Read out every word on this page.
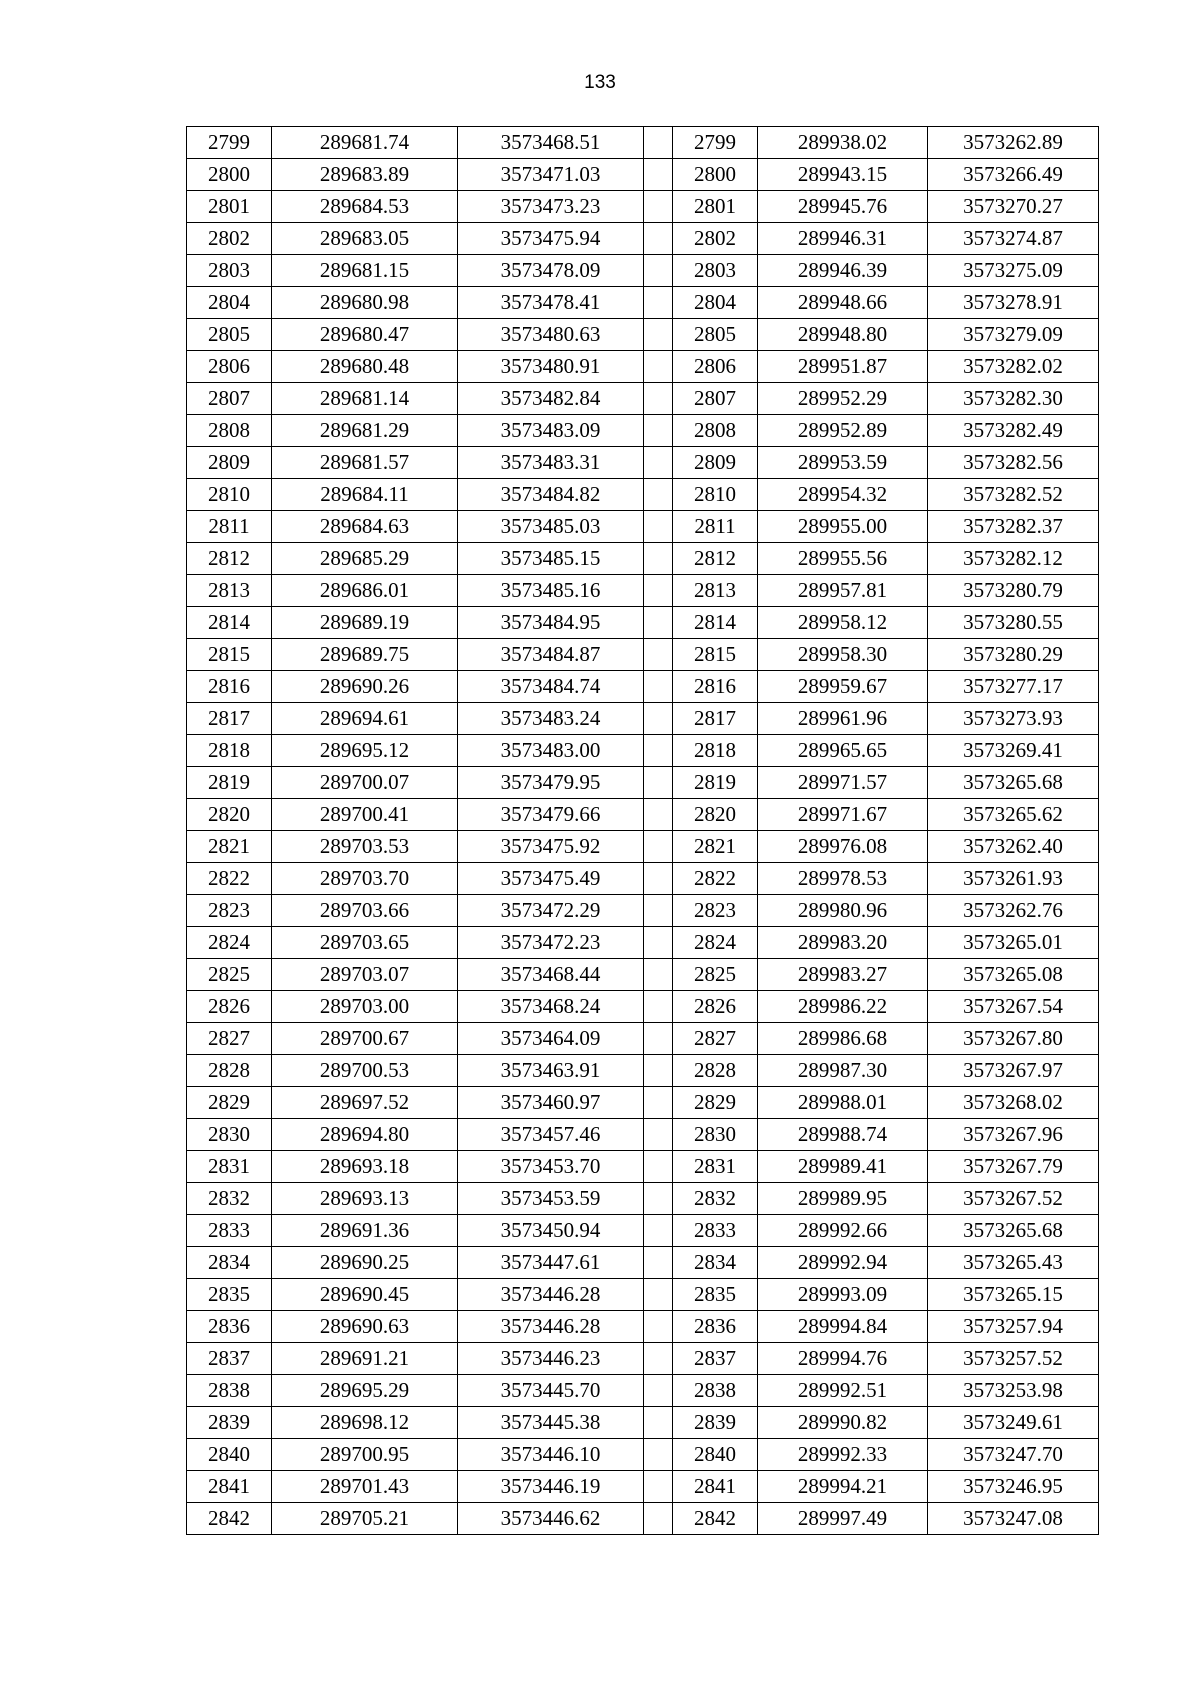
133
2799	289681.74	3573468.51		2799	289938.02	3573262.89
2800	289683.89	3573471.03		2800	289943.15	3573266.49
2801	289684.53	3573473.23		2801	289945.76	3573270.27
2802	289683.05	3573475.94		2802	289946.31	3573274.87
2803	289681.15	3573478.09		2803	289946.39	3573275.09
2804	289680.98	3573478.41		2804	289948.66	3573278.91
2805	289680.47	3573480.63		2805	289948.80	3573279.09
2806	289680.48	3573480.91		2806	289951.87	3573282.02
2807	289681.14	3573482.84		2807	289952.29	3573282.30
2808	289681.29	3573483.09		2808	289952.89	3573282.49
2809	289681.57	3573483.31		2809	289953.59	3573282.56
2810	289684.11	3573484.82		2810	289954.32	3573282.52
2811	289684.63	3573485.03		2811	289955.00	3573282.37
2812	289685.29	3573485.15		2812	289955.56	3573282.12
2813	289686.01	3573485.16		2813	289957.81	3573280.79
2814	289689.19	3573484.95		2814	289958.12	3573280.55
2815	289689.75	3573484.87		2815	289958.30	3573280.29
2816	289690.26	3573484.74		2816	289959.67	3573277.17
2817	289694.61	3573483.24		2817	289961.96	3573273.93
2818	289695.12	3573483.00		2818	289965.65	3573269.41
2819	289700.07	3573479.95		2819	289971.57	3573265.68
2820	289700.41	3573479.66		2820	289971.67	3573265.62
2821	289703.53	3573475.92		2821	289976.08	3573262.40
2822	289703.70	3573475.49		2822	289978.53	3573261.93
2823	289703.66	3573472.29		2823	289980.96	3573262.76
2824	289703.65	3573472.23		2824	289983.20	3573265.01
2825	289703.07	3573468.44		2825	289983.27	3573265.08
2826	289703.00	3573468.24		2826	289986.22	3573267.54
2827	289700.67	3573464.09		2827	289986.68	3573267.80
2828	289700.53	3573463.91		2828	289987.30	3573267.97
2829	289697.52	3573460.97		2829	289988.01	3573268.02
2830	289694.80	3573457.46		2830	289988.74	3573267.96
2831	289693.18	3573453.70		2831	289989.41	3573267.79
2832	289693.13	3573453.59		2832	289989.95	3573267.52
2833	289691.36	3573450.94		2833	289992.66	3573265.68
2834	289690.25	3573447.61		2834	289992.94	3573265.43
2835	289690.45	3573446.28		2835	289993.09	3573265.15
2836	289690.63	3573446.28		2836	289994.84	3573257.94
2837	289691.21	3573446.23		2837	289994.76	3573257.52
2838	289695.29	3573445.70		2838	289992.51	3573253.98
2839	289698.12	3573445.38		2839	289990.82	3573249.61
2840	289700.95	3573446.10		2840	289992.33	3573247.70
2841	289701.43	3573446.19		2841	289994.21	3573246.95
2842	289705.21	3573446.62		2842	289997.49	3573247.08
